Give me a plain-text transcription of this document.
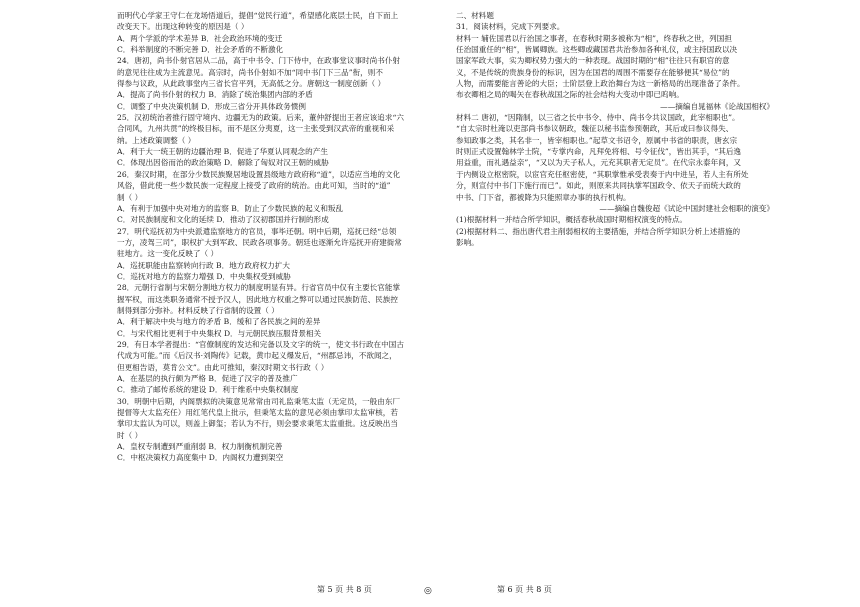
而明代心学家王守仁在龙场悟道后，提倡“觉民行道”，希望感化底层士民，自下而上
改变天下。出现这种转变的原因是（ ）
A．两个学派的学术差异 B．社会政治环境的变迁
C．科举制度的不断完善 D．社会矛盾的不断激化
24．唐初，尚书仆射官居从二品，高于中书令、门下侍中，在政事堂议事时尚书仆射
的意见往往成为主流意见。高宗时，尚书仆射如不加“同中书门下三品”衔，则不
得参与议政，从此政事堂内三省长官平列，无高低之分。唐朝这一制度创新（ ）
A．提高了尚书仆射的权力 B．消除了统治集团内部的矛盾
C．调整了中央决策机制 D．形成三省分开具体政务惯例
25．汉初统治者推行固守境内、边疆无为的政策。后来，董仲舒提出王者应该追求“六
合同风，九州共贯”的终极目标，而不是区分夷夏，这一主张受到汉武帝的重视和采
纳。上述政策调整（ ）
A．利于大一统王朝的边疆治理 B．促进了华夏认同观念的产生
C．体现出因俗而治的政治策略 D．解除了匈奴对汉王朝的威胁
26．秦汉时期，在部分少数民族聚居地设置县级地方政府称“道”，以适应当地的文化
风俗，借此使一些少数民族一定程度上接受了政府的统治。由此可知，当时的“道”
制（ ）
A．有利于加强中央对地方的监察 B．防止了少数民族的起义和叛乱
C．对民族制度和文化的延续 D．推动了汉初郡国并行制的形成
27．明代巡抚初为中央派遣监察地方的官员，事毕还朝。明中后期，巡抚已经“总领
一方，凌驾三司”，职权扩大到军政、民政各项事务。朝廷也逐渐允许巡抚开府建衙常
驻地方。这一变化反映了（ ）
A．巡抚职能由监察转向行政 B．地方政府权力扩大
C．巡抚对地方的监察力增强 D．中央集权受到威胁
28．元朝行省制与宋朝分割地方权力的制度明显有异。行省官员中仅有主要长官能掌
握军权，而这类职务通常不授予汉人，因此地方权重之弊可以通过民族防范、民族控
制得到部分弥补。材料反映了行省制的设置（ ）
A．利于解决中央与地方的矛盾 B．缓和了各民族之间的差异
C．与宋代相比更利于中央集权 D．与元朝民族压服背景相关
29．有日本学者提出：“官僚制度的发达和完备以及文字的统一，使文书行政在中国古
代成为可能。”而《后汉书·刘陶传》记载，黄巾起义爆发后，“州郡忌讳，不欲闻之，
但更相告语，莫肯公文”。由此可推知，秦汉时期文书行政（ ）
A．在基层的执行颇为严格 B．促进了汉字的普及推广
C．推动了邮传系统的建设 D．利于维系中央集权制度
30．明朝中后期，内阁票拟的决策意见常常由司礼监秉笔太监（无定员，一般由东厂
提督等大太监充任）用红笔代皇上批示，但秉笔太监的意见必须由掌印太监审核，若
掌印太监认为可以，则盖上御玺；若认为不行，则会要求秉笔太监重批。这反映出当
时（ ）
A．皇权专制遭到严重削弱 B．权力制衡机制完善
C．中枢决策权力高度集中 D．内阁权力遭到架空
二、材料题
31．阅读材料，完成下列要求。
材料一 辅佐国君以行治国之事者，在春秋时期多被称为“相”，终春秋之世，列国担
任治国重任的“相”，皆属卿族。这些卿或藏国君共治参加各种礼仪，或主持国政以决
国家军政大事，实为卿权势力强大的一种表现。战国时期的“相”往往只有职官的意
义，不是传统的贵族身份的标识，因为在国君的周围不需要存在能够便其“易位”的
人物，而需要能言善论的大臣；士阶层登上政治舞台为这一新格局的出现准备了条件。
布衣卿相之局的喝矢在春秋战国之际的社会结构大变动中即已呜响。
——摘编自晁福林《论战国相权》
材料二 唐初，“因隋制，以三省之长中书令、侍中、尚书令共议国政，此宰相职也”。
“自太宗时杜淹以吏部尚书参议朝政，魏征以秘书监参预朝政，其后或曰参议得失、
参知政事之类，其名非一，皆宰相职也。”起草文书诏令，原属中书省的职责，唐玄宗
时则正式设置翰林学士院，“专掌内命，凡拜免将相、号令征伐”，皆出其手，“其后逸
用益重，而礼遇益亲”，“又以为天子私人，元充其职者无定员”。在代宗永泰年间，又
于内侧设立枢密院，以宦官充任枢密使，“其职掌惟承受表奏于内中进呈，若人主有所处
分，则宣付中书门下施行而已”。如此，则原来共同执掌军国政令、依天子而统大政的
中书、门下省，都被降为只能照章办事的执行机构。
——摘编自魏俊超《试论中国封建社会相职的演变》
(1)根据材料一并结合所学知识，概括春秋战国时期相权演变的特点。
(2)根据材料二、指出唐代君主削弱相权的主要措施，并结合所学知识分析上述措施的
影响。
第 5 页 共 8 页	◎	第 6 页 共 8 页
